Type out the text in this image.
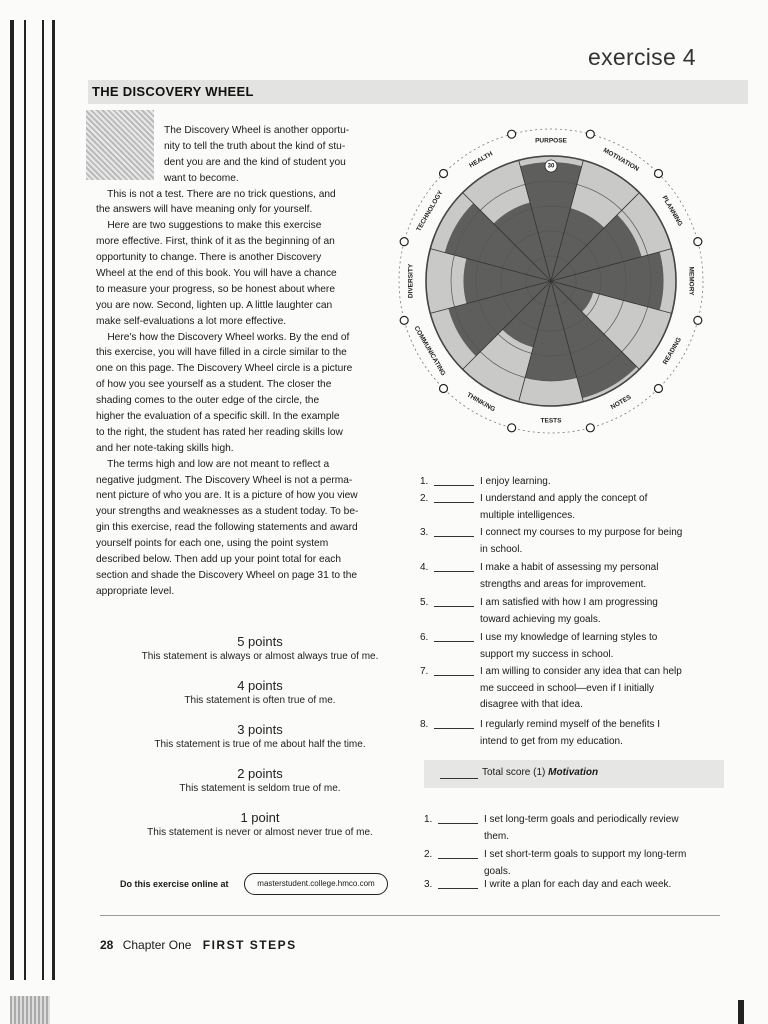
exercise 4
THE DISCOVERY WHEEL
The Discovery Wheel is another opportu-
nity to tell the truth about the kind of stu-
dent you are and the kind of student you
want to become.
This is not a test. There are no trick questions, and
the answers will have meaning only for yourself.
Here are two suggestions to make this exercise
more effective. First, think of it as the beginning of an
opportunity to change. There is another Discovery
Wheel at the end of this book. You will have a chance
to measure your progress, so be honest about where
you are now. Second, lighten up. A little laughter can
make self-evaluations a lot more effective.
Here's how the Discovery Wheel works. By the end of
this exercise, you will have filled in a circle similar to the
one on this page. The Discovery Wheel circle is a picture
of how you see yourself as a student. The closer the
shading comes to the outer edge of the circle, the
higher the evaluation of a specific skill. In the example
to the right, the student has rated her reading skills low
and her note-taking skills high.
The terms high and low are not meant to reflect a
negative judgment. The Discovery Wheel is not a perma-
nent picture of who you are. It is a picture of how you view
your strengths and weaknesses as a student today. To be-
gin this exercise, read the following statements and award
yourself points for each one, using the point system
described below. Then add up your point total for each
section and shade the Discovery Wheel on page 31 to the
appropriate level.
5 points
This statement is always or almost always true of me.
4 points
This statement is often true of me.
3 points
This statement is true of me about half the time.
2 points
This statement is seldom true of me.
1 point
This statement is never or almost never true of me.
Do this exercise online at	masterstudent.college.hmco.com
PURPOSE
MOTIVATION
PLANNING
MEMORY
READING
NOTES
TESTS
THINKING
COMMUNICATING
DIVERSITY
TECHNOLOGY
HEALTH	30
1.	I enjoy learning.
2.	I understand and apply the concept of
multiple intelligences.
3.	I connect my courses to my purpose for being
in school.
4.	I make a habit of assessing my personal
strengths and areas for improvement.
5.	I am satisfied with how I am progressing
toward achieving my goals.
6.	I use my knowledge of learning styles to
support my success in school.
7.	I am willing to consider any idea that can help
me succeed in school—even if I initially
disagree with that idea.
8.	I regularly remind myself of the benefits I
intend to get from my education.
Total score (1) Motivation
1.	I set long-term goals and periodically review
them.
2.	I set short-term goals to support my long-term
goals.
3.	I write a plan for each day and each week.
28 Chapter One FIRST STEPS
